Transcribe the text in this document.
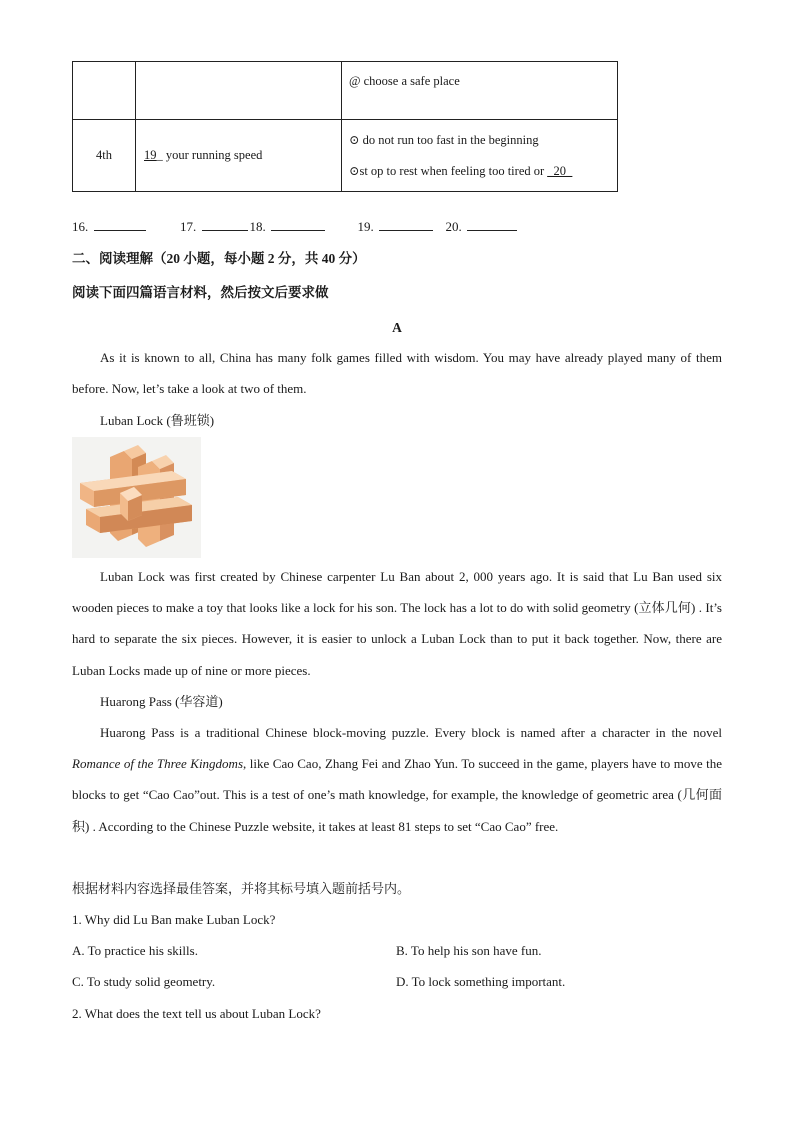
		@ choose a safe place
4th	19_ your running speed	⊙ do not run too fast in the beginning
⊙st op to rest when feeling too tired or _20_
16.	17.	18.	19.	20.
二、阅读理解（20 小题，每小题 2 分，共 40 分）
阅读下面四篇语言材料，然后按文后要求做
A
As it is known to all, China has many folk games filled with wisdom. You may have already played many of them before. Now, let’s take a look at two of them.
Luban Lock (鲁班锁)
Luban Lock was first created by Chinese carpenter Lu Ban about 2, 000 years ago. It is said that Lu Ban used six wooden pieces to make a toy that looks like a lock for his son. The lock has a lot to do with solid geometry (立体几何) . It’s hard to separate the six pieces. However, it is easier to unlock a Luban Lock than to put it back together. Now, there are Luban Locks made up of nine or more pieces.
Huarong Pass (华容道)
Huarong Pass is a traditional Chinese block-moving puzzle. Every block is named after a character in the novel Romance of the Three Kingdoms, like Cao Cao, Zhang Fei and Zhao Yun. To succeed in the game, players have to move the blocks to get “Cao Cao”out. This is a test of one’s math knowledge, for example, the knowledge of geometric area (几何面积) . According to the Chinese Puzzle website, it takes at least 81 steps to set “Cao Cao” free.
根据材料内容选择最佳答案，并将其标号填入题前括号内。
1. Why did Lu Ban make Luban Lock?
A. To practice his skills.	B. To help his son have fun.
C. To study solid geometry.	D. To lock something important.
2. What does the text tell us about Luban Lock?
